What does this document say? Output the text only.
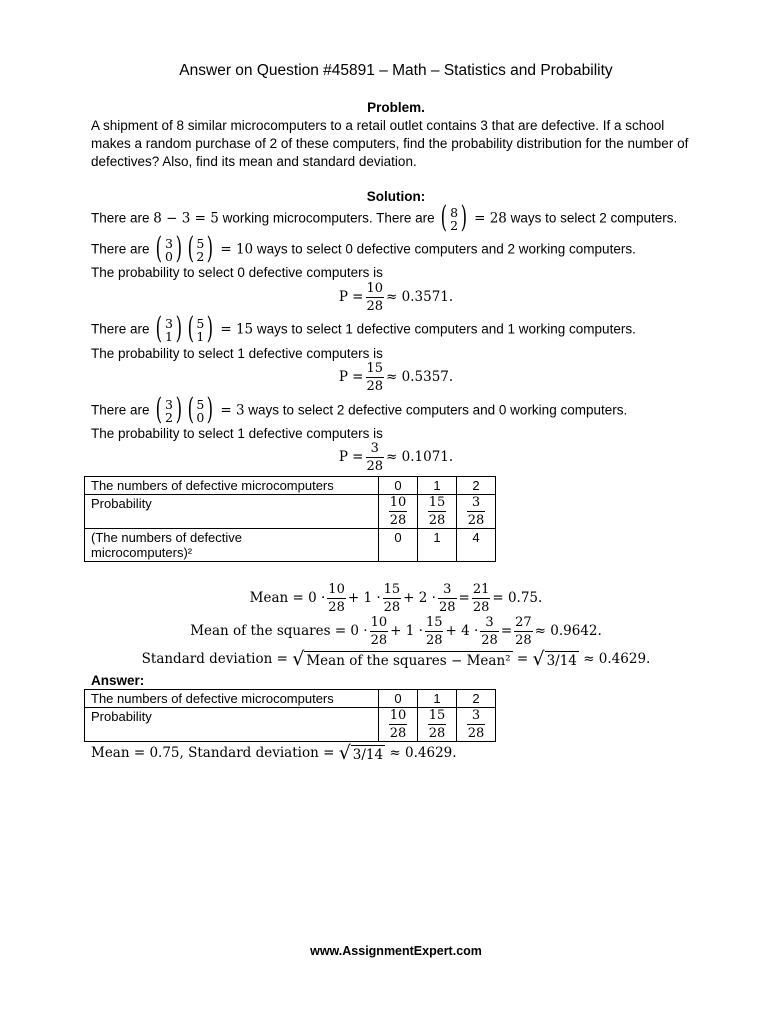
Answer on Question #45891 – Math – Statistics and Probability
Problem.
A shipment of 8 similar microcomputers to a retail outlet contains 3 that are defective. If a school makes a random purchase of 2 of these computers, find the probability distribution for the number of defectives? Also, find its mean and standard deviation.
Solution:
There are 8 − 3 = 5 working microcomputers. There are ( 8
2 ) = 28 ways to select 2 computers.
There are ( 3
0 ) ( 5
2 ) = 10 ways to select 0 defective computers and 2 working computers.
The probability to select 0 defective computers is
$P = \frac{10}{28} \approx 0.3571$.
There are ( 3
1 ) ( 5
1 ) = 15 ways to select 1 defective computers and 1 working computers.
The probability to select 1 defective computers is
$P = \frac{15}{28} \approx 0.5357$.
There are ( 3
2 ) ( 5
0 ) = 3 ways to select 2 defective computers and 0 working computers.
The probability to select 1 defective computers is
$P = \frac{3}{28} \approx 0.1071$.
The numbers of defective microcomputers	0	1	2
Probability	$\frac{10}{28}$	$\frac{15}{28}$	$\frac{3}{28}$

(The numbers of defective
microcomputers)²	0	1	4
Mean = $0 \cdot \frac{10}{28} + 1 \cdot \frac{15}{28} + 2 \cdot \frac{3}{28} = \frac{21}{28} = 0.75$.
Mean of the squares = $0 \cdot \frac{10}{28} + 1 \cdot \frac{15}{28} + 4 \cdot \frac{3}{28} = \frac{27}{28} \approx 0.9642$.
Standard deviation = √ Mean of the squares − Mean² = √ 3/14 ≈ 0.4629.
Answer:
The numbers of defective microcomputers	0	1	2
Probability	$\frac{10}{28}$	$\frac{15}{28}$	$\frac{3}{28}$
Mean = 0.75, Standard deviation = √ 3/14 ≈ 0.4629.
www.AssignmentExpert.com
